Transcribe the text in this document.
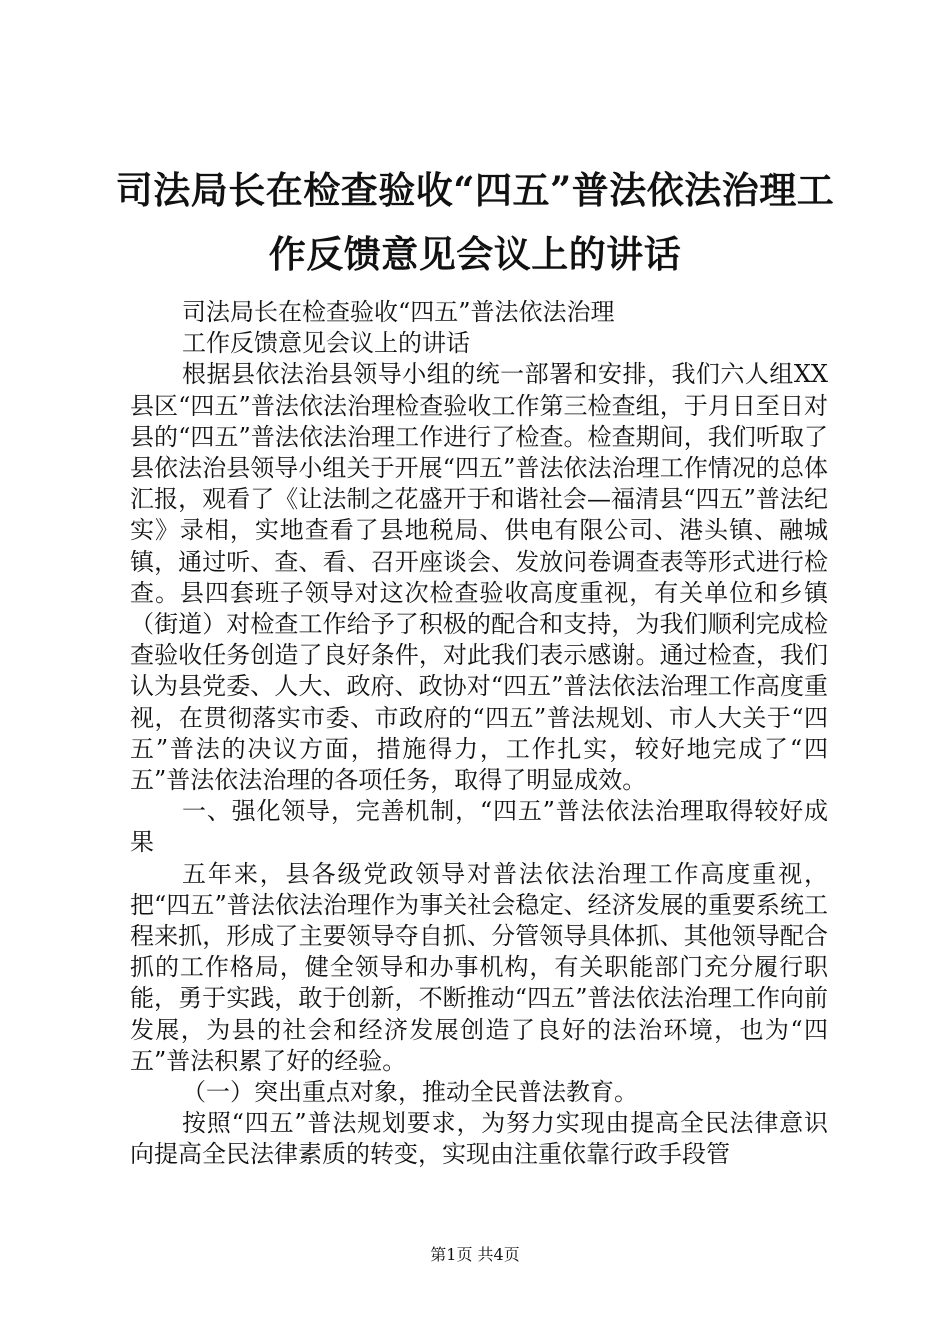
司法局长在检查验收“四五”普法依法治理工
作反馈意见会议上的讲话

司法局长在检查验收“四五”普法依法治理

工作反馈意见会议上的讲话

根据县依法治县领导小组的统一部署和安排，我们六人组XX县区“四五”普法依法治理检查验收工作第三检查组，于月日至日对县的“四五”普法依法治理工作进行了检查。检查期间，我们听取了县依法治县领导小组关于开展“四五”普法依法治理工作情况的总体汇报，观看了《让法制之花盛开于和谐社会—福清县“四五”普法纪实》录相，实地查看了县地税局、供电有限公司、港头镇、融城镇，通过听、查、看、召开座谈会、发放问卷调查表等形式进行检查。县四套班子领导对这次检查验收高度重视，有关单位和乡镇（街道）对检查工作给予了积极的配合和支持，为我们顺利完成检查验收任务创造了良好条件，对此我们表示感谢。通过检查，我们认为县党委、人大、政府、政协对“四五”普法依法治理工作高度重视，在贯彻落实市委、市政府的“四五”普法规划、市人大关于“四五”普法的决议方面，措施得力，工作扎实，较好地完成了“四五”普法依法治理的各项任务，取得了明显成效。

一、强化领导，完善机制，“四五”普法依法治理取得较好成果

五年来，县各级党政领导对普法依法治理工作高度重视，把“四五”普法依法治理作为事关社会稳定、经济发展的重要系统工程来抓，形成了主要领导夺自抓、分管领导具体抓、其他领导配合抓的工作格局，健全领导和办事机构，有关职能部门充分履行职能，勇于实践，敢于创新，不断推动“四五”普法依法治理工作向前发展，为县的社会和经济发展创造了良好的法治环境，也为“四五”普法积累了好的经验。

（一）突出重点对象，推动全民普法教育。

按照“四五”普法规划要求，为努力实现由提高全民法律意识向提高全民法律素质的转变，实现由注重依靠行政手段管

第1页 共4页
